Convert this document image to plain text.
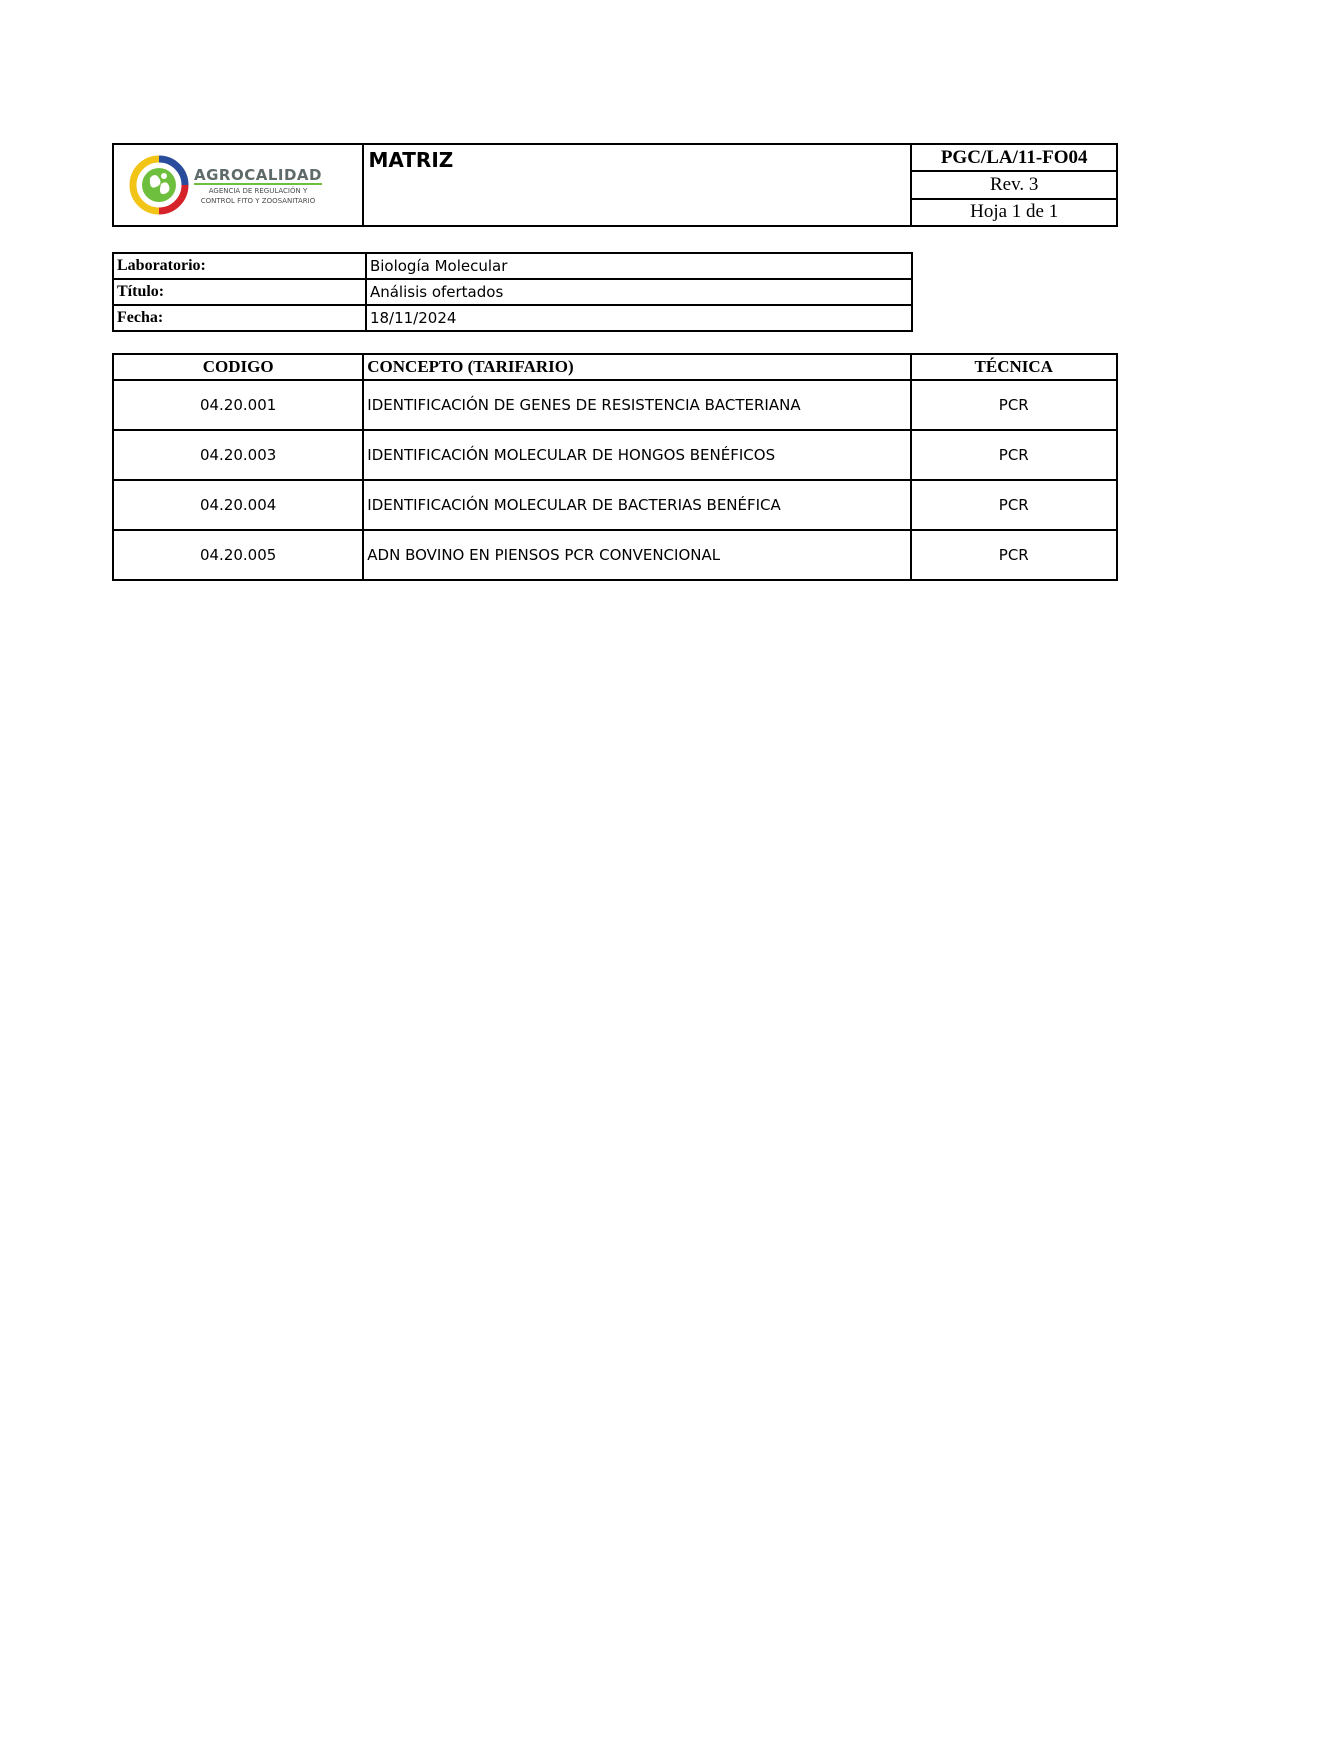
AGROCALIDAD
AGENCIA DE REGULACIÓN Y
CONTROL FITO Y ZOOSANITARIO
	MATRIZ	PGC/LA/11-FO04
Rev. 3
Hoja 1 de 1
Laboratorio:	Biología Molecular
Título:	Análisis ofertados
Fecha:	18/11/2024
CODIGO	CONCEPTO (TARIFARIO)	TÉCNICA
04.20.001	IDENTIFICACIÓN DE GENES DE RESISTENCIA BACTERIANA	PCR
04.20.003	IDENTIFICACIÓN MOLECULAR DE HONGOS BENÉFICOS	PCR
04.20.004	IDENTIFICACIÓN MOLECULAR DE BACTERIAS BENÉFICA	PCR
04.20.005	ADN BOVINO EN PIENSOS PCR CONVENCIONAL	PCR
